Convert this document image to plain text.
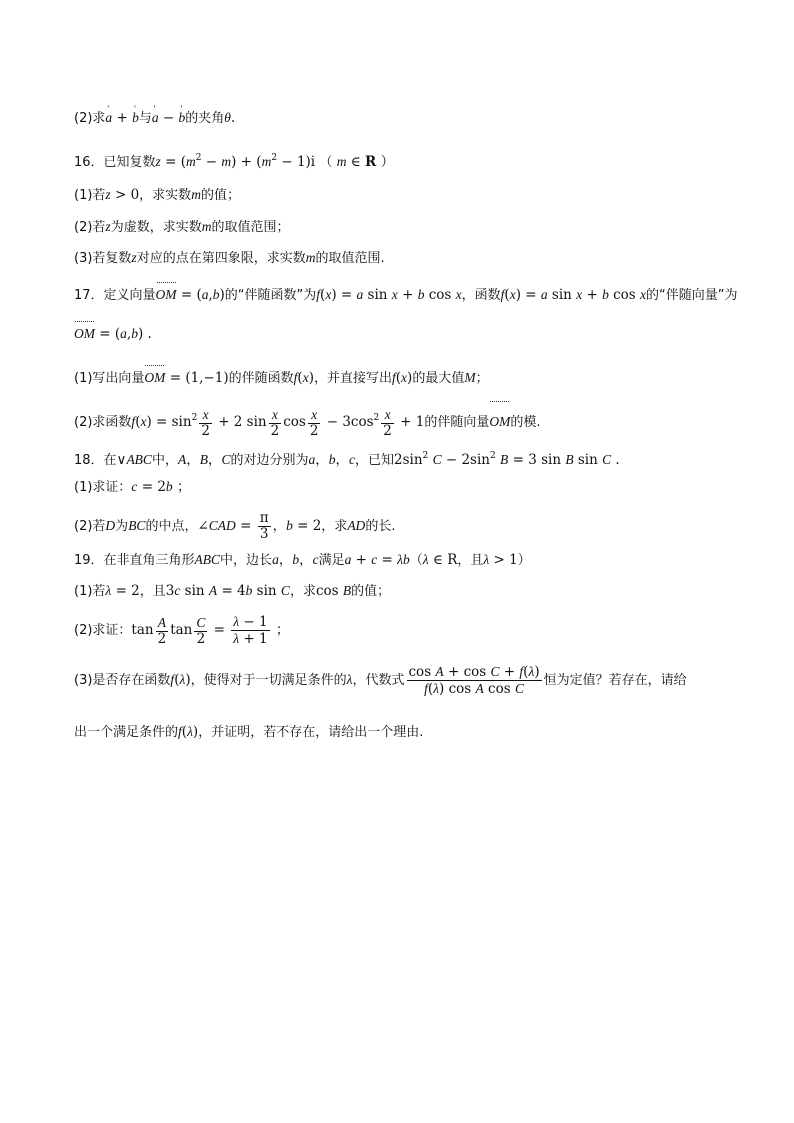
(2)求' a + ' b与' a − ' b的夹角θ.
16．已知复数$z = (m^2 - m) + (m^2 - 1)i$ （ m ∈ R ）
(1)若z > 0，求实数m的值；
(2)若z为虚数，求实数m的取值范围；
(3)若复数z对应的点在第四象限，求实数m的取值范围.
17．定义向量OM = (a,b)的“伴随函数”为f(x) = a sin x + b cos x，函数f(x) = a sin x + b cos x的“伴随向量”为
OM = (a,b) .
(1)写出向量OM = (1,−1)的伴随函数f(x)，并直接写出f(x)的最大值M；
(2)求函数$f(x) = \sin^2 \frac{x}{2} + 2$ $\sin \frac{x}{2}$ $\cos \frac{x}{2} - 3\cos^2 \frac{x}{2} + 1$的伴随向量OM的模.
18．在∨ABC中，A，B，C的对边分别为a，b，c，已知$2\sin^2$ $C - 2\sin^2$ B = 3 sin B sin C .
(1)求证：c = 2b ；
(2)若D为BC的中点，∠CAD = $\frac{\pi}{3}$ ，b = 2，求AD的长.
19．在非直角三角形ABC中，边长a，b，c满足a + c = λb（λ ∈ R，且λ > 1）
(1)若λ = 2，且3c sin A = 4b sin C，求cos B的值；
(2)求证：$\tan \frac{A}{2}$ $\tan \frac{C}{2} = \frac{\lambda - 1}{\lambda + 1}$ ；
(3)是否存在函数f(λ)，使得对于一切满足条件的λ，代数式 $\frac{\text{cos A + cos C + f(λ)}}{\text{f(λ) cos A cos C}}$ 恒为定值？若存在，请给
出一个满足条件的f(λ)，并证明，若不存在，请给出一个理由.
